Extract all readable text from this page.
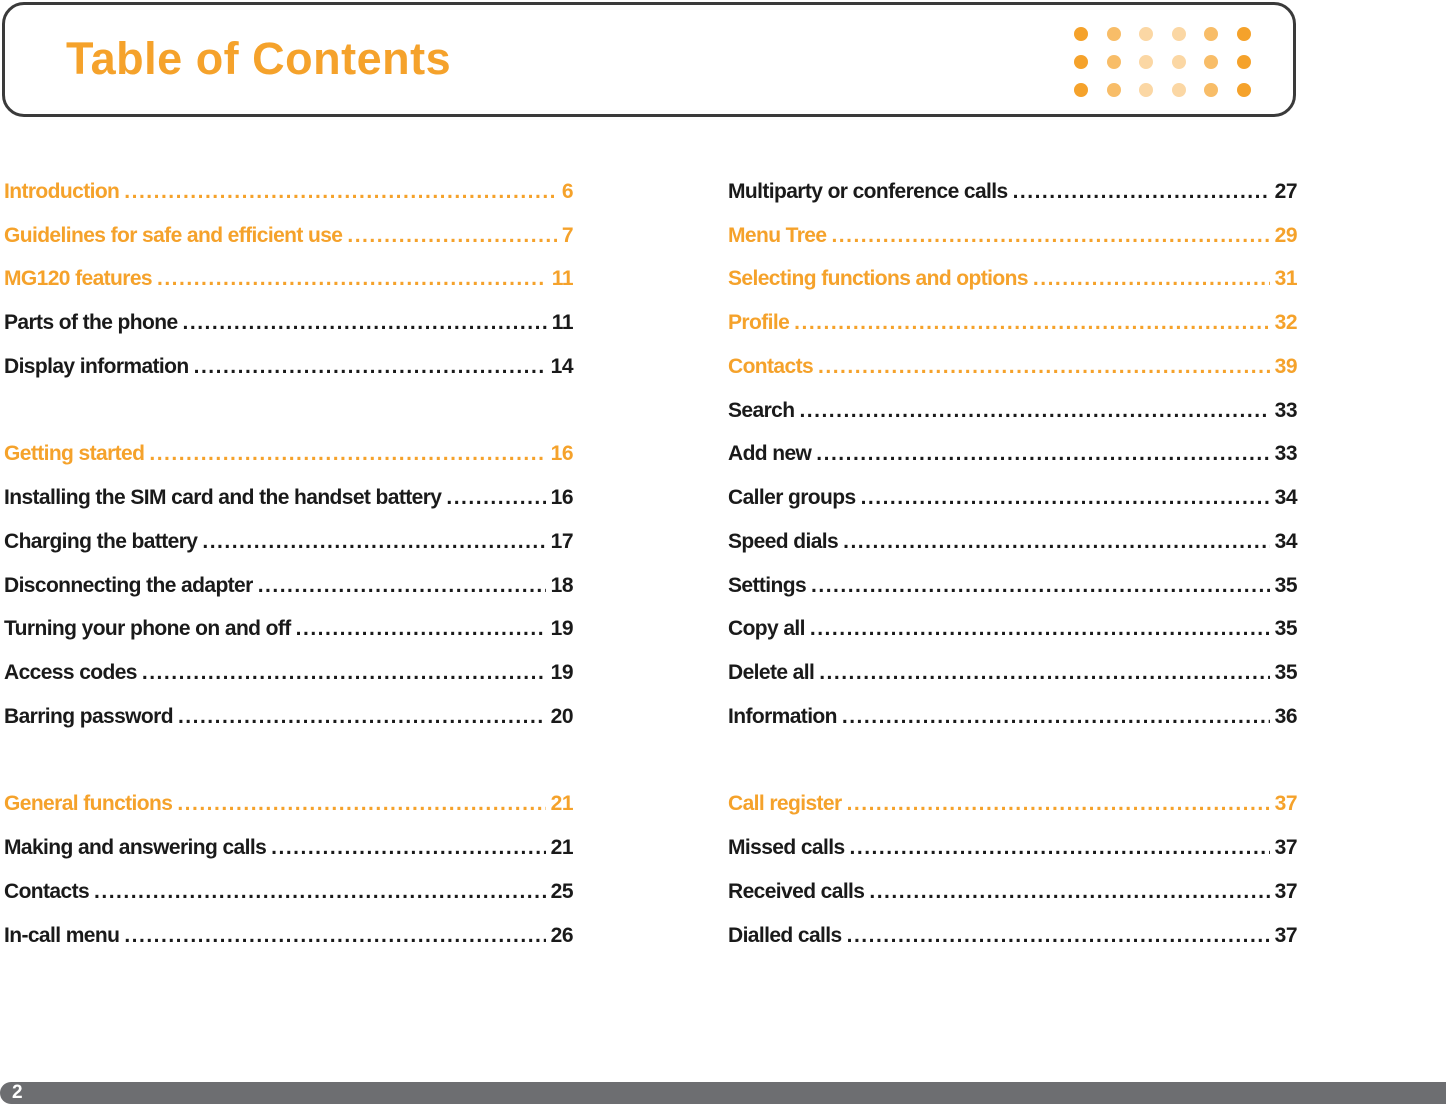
Table of Contents
Introduction .....	6
Guidelines for safe and efficient use .....	7
MG120 features .....	11
Parts of the phone .....	11
Display information .....	14
Getting started .....	16
Installing the SIM card and the handset battery .....	16
Charging the battery .....	17
Disconnecting the adapter .....	18
Turning your phone on and off .....	19
Access codes .....	19
Barring password .....	20
General functions .....	21
Making and answering calls .....	21
Contacts .....	25
In-call menu .....	26
Multiparty or conference calls .....	27
Menu Tree .....	29
Selecting functions and options .....	31
Profile .....	32
Contacts .....	39
Search .....	33
Add new .....	33
Caller groups .....	34
Speed dials .....	34
Settings .....	35
Copy all .....	35
Delete all .....	35
Information .....	36
Call register .....	37
Missed calls .....	37
Received calls .....	37
Dialled calls .....	37
2
